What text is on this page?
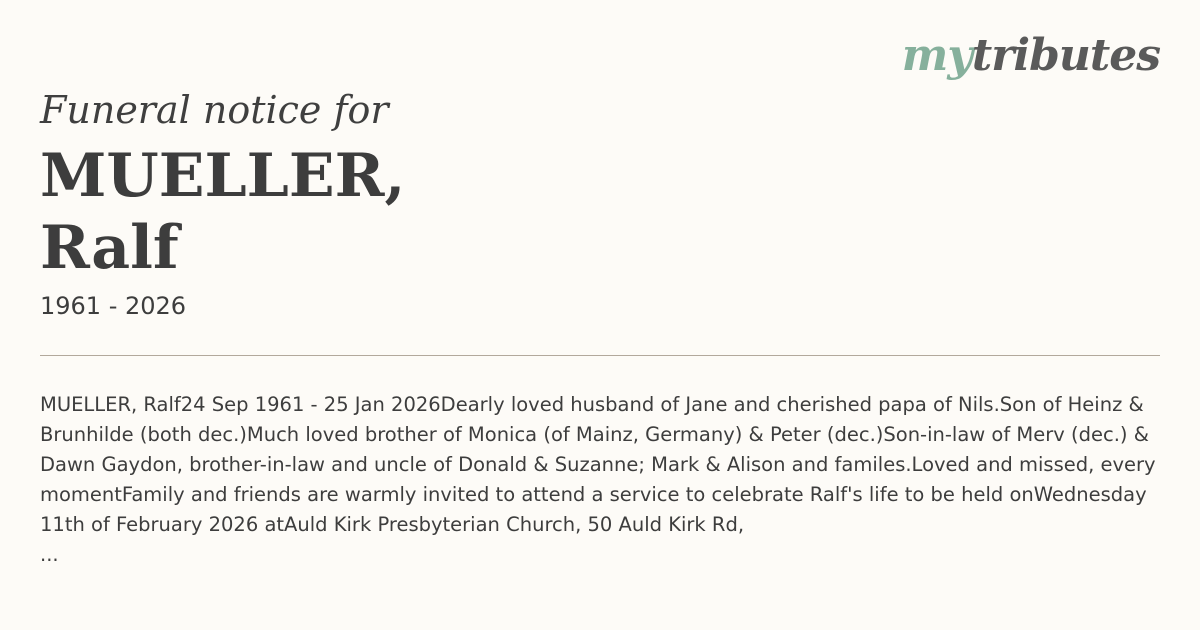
mytributes
Funeral notice for
MUELLER,
Ralf
1961 - 2026
MUELLER, Ralf24 Sep 1961 - 25 Jan 2026Dearly loved husband of Jane and cherished papa of Nils.Son of Heinz & Brunhilde (both dec.)Much loved brother of Monica (of Mainz, Germany) & Peter (dec.)Son-in-law of Merv (dec.) & Dawn Gaydon, brother-in-law and uncle of Donald & Suzanne; Mark & Alison and familes.Loved and missed, every momentFamily and friends are warmly invited to attend a service to celebrate Ralf's life to be held onWednesday 11th of February 2026 atAuld Kirk Presbyterian Church, 50 Auld Kirk Rd,
...
